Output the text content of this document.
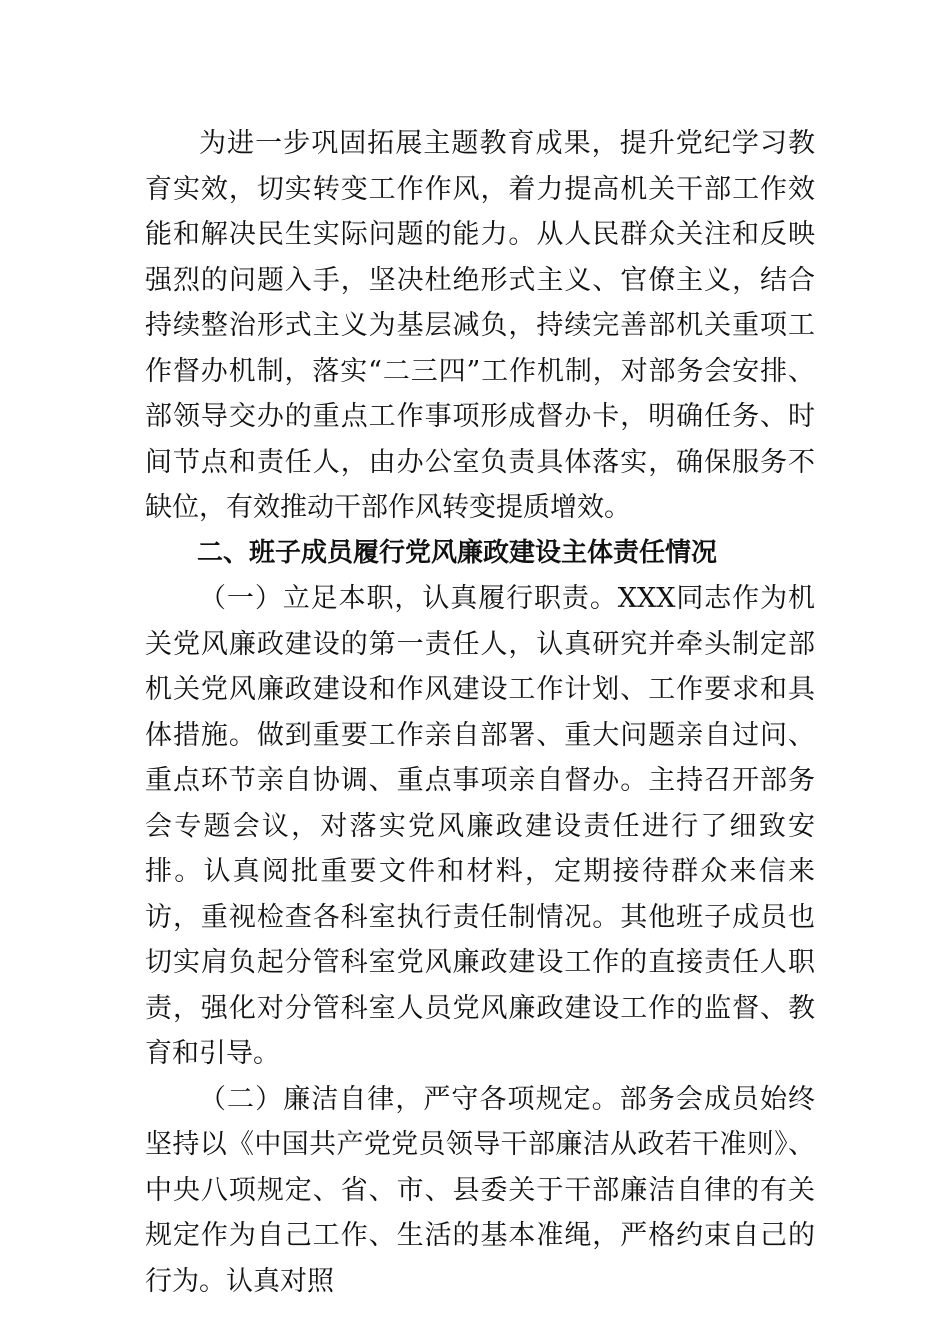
为进一步巩固拓展主题教育成果，提升党纪学习教育实效，切实转变工作作风，着力提高机关干部工作效能和解决民生实际问题的能力。从人民群众关注和反映强烈的问题入手，坚决杜绝形式主义、官僚主义，结合持续整治形式主义为基层减负，持续完善部机关重项工作督办机制，落实“二三四”工作机制，对部务会安排、部领导交办的重点工作事项形成督办卡，明确任务、时间节点和责任人，由办公室负责具体落实，确保服务不缺位，有效推动干部作风转变提质增效。

二、班子成员履行党风廉政建设主体责任情况

（一）立足本职，认真履行职责。XXX同志作为机关党风廉政建设的第一责任人，认真研究并牵头制定部机关党风廉政建设和作风建设工作计划、工作要求和具体措施。做到重要工作亲自部署、重大问题亲自过问、重点环节亲自协调、重点事项亲自督办。主持召开部务会专题会议，对落实党风廉政建设责任进行了细致安排。认真阅批重要文件和材料，定期接待群众来信来访，重视检查各科室执行责任制情况。其他班子成员也切实肩负起分管科室党风廉政建设工作的直接责任人职责，强化对分管科室人员党风廉政建设工作的监督、教育和引导。

（二）廉洁自律，严守各项规定。部务会成员始终坚持以《中国共产党党员领导干部廉洁从政若干准则》、中央八项规定、省、市、县委关于干部廉洁自律的有关规定作为自己工作、生活的基本准绳，严格约束自己的行为。认真对照
